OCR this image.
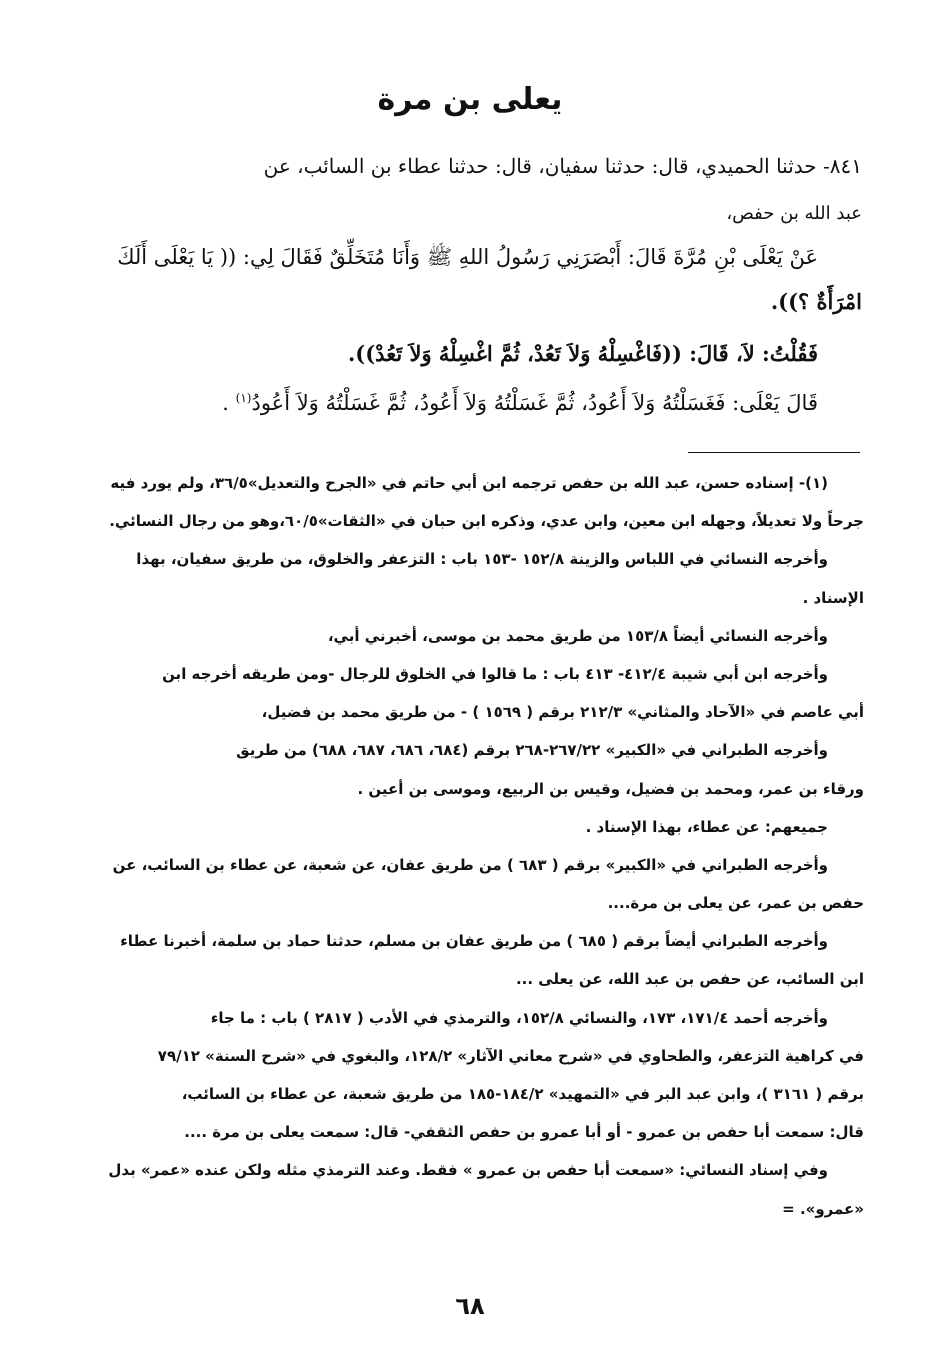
يعلى بن مرة
٨٤١- حدثنا الحميدي، قال: حدثنا سفيان، قال: حدثنا عطاء بن السائب، عن
عبد الله بن حفص،
عَنْ يَعْلَى بْنِ مُرَّةَ قَالَ: أَبْصَرَنِي رَسُولُ اللهِ ﷺ وَأَنَا مُتَخَلِّقٌ فَقَالَ لِي: (( يَا يَعْلَى أَلَكَ
امْرَأَةٌ ؟)).
فَقُلْتُ: لاَ، قَالَ: ((فَاغْسِلْهُ وَلاَ تَعُدْ، ثُمَّ اغْسِلْهُ وَلاَ تَعُدْ)).
قَالَ يَعْلَى: فَغَسَلْتُهُ وَلاَ أَعُودُ، ثُمَّ غَسَلْتُهُ وَلاَ أَعُودُ، ثُمَّ غَسَلْتُهُ وَلاَ أَعُودُ$^{(١)}$ .
(١)- إسناده حسن، عبد الله بن حفص ترجمه ابن أبي حاتم في «الجرح والتعديل»٣٦/٥، ولم يورد فيه
جرحاً ولا تعديلاً، وجهله ابن معين، وابن عدي، وذكره ابن حبان في «الثقات»٦٠/٥،وهو من رجال النسائي.
وأخرجه النسائي في اللباس والزينة ١٥٢/٨ -١٥٣ باب : التزعفر والخلوق، من طريق سفيان، بهذا
الإسناد .
وأخرجه النسائي أيضاً ١٥٣/٨ من طريق محمد بن موسى، أخبرني أبي،
وأخرجه ابن أبي شيبة ٤١٢/٤- ٤١٣ باب : ما قالوا في الخلوق للرجال -ومن طريقه أخرجه ابن
أبي عاصم في «الآحاد والمثاني» ٢١٢/٣ برقم ( ١٥٦٩ ) - من طريق محمد بن فضيل،
وأخرجه الطبراني في «الكبير» ٢٦٧/٢٢-٢٦٨ برقم (٦٨٤، ٦٨٦، ٦٨٧، ٦٨٨) من طريق
ورقاء بن عمر، ومحمد بن فضيل، وقيس بن الربيع، وموسى بن أعين .
جميعهم: عن عطاء، بهذا الإسناد .
وأخرجه الطبراني في «الكبير» برقم ( ٦٨٣ ) من طريق عفان، عن شعبة، عن عطاء بن السائب، عن
حفص بن عمر، عن يعلى بن مرة....
وأخرجه الطبراني أيضاً برقم ( ٦٨٥ ) من طريق عفان بن مسلم، حدثنا حماد بن سلمة، أخبرنا عطاء
ابن السائب، عن حفص بن عبد الله، عن يعلى ...
وأخرجه أحمد ١٧١/٤، ١٧٣، والنسائي ١٥٢/٨، والترمذي في الأدب ( ٢٨١٧ ) باب : ما جاء
في كراهية التزعفر، والطحاوي في «شرح معاني الآثار» ١٢٨/٢، والبغوي في «شرح السنة» ٧٩/١٢
برقم ( ٣١٦١ )، وابن عبد البر في «التمهيد» ١٨٤/٢-١٨٥ من طريق شعبة، عن عطاء بن السائب،
قال: سمعت أبا حفص بن عمرو - أو أبا عمرو بن حفص الثقفي- قال: سمعت يعلى بن مرة ....
وفي إسناد النسائي: «سمعت أبا حفص بن عمرو » فقط. وعند الترمذي مثله ولكن عنده «عمر» بدل
«عمرو». =
٦٨
